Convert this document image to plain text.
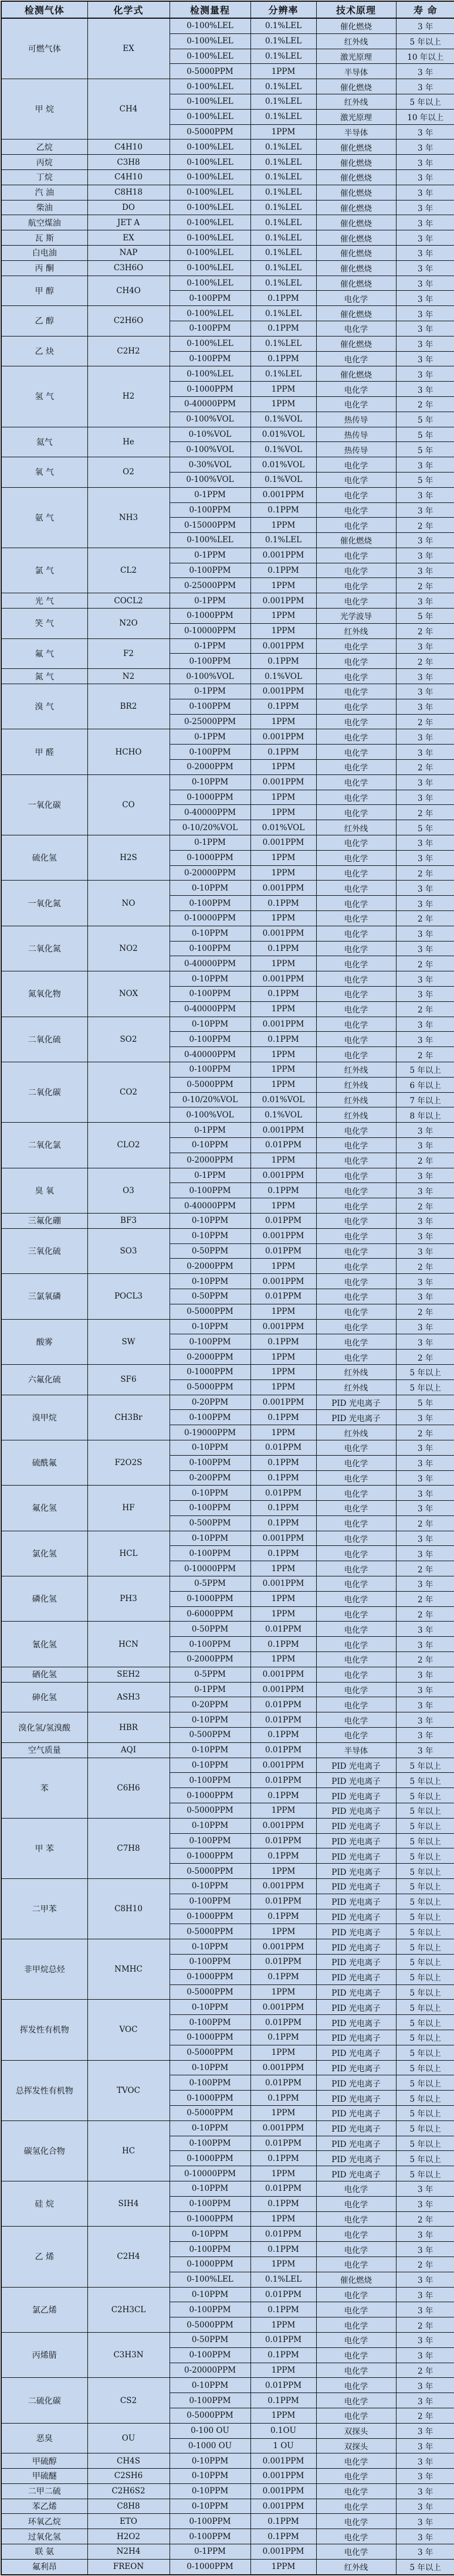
检测气体	化学式	检测量程	分辨率	技术原理	寿 命
可燃气体	EX	0-100%LEL	0.1%LEL	催化燃烧	3 年
		0-100%LEL	0.1%LEL	红外线	5 年以上
		0-100%LEL	0.1%LEL	激光原理	10 年以上
		0-5000PPM	1PPM	半导体	3 年
甲 烷	CH4	0-100%LEL	0.1%LEL	催化燃烧	3 年
		0-100%LEL	0.1%LEL	红外线	5 年以上
		0-100%LEL	0.1%LEL	激光原理	10 年以上
		0-5000PPM	1PPM	半导体	3 年
乙烷	C4H10	0-100%LEL	0.1%LEL	催化燃烧	3 年
丙烷	C3H8	0-100%LEL	0.1%LEL	催化燃烧	3 年
丁烷	C4H10	0-100%LEL	0.1%LEL	催化燃烧	3 年
汽 油	C8H18	0-100%LEL	0.1%LEL	催化燃烧	3 年
柴油	DO	0-100%LEL	0.1%LEL	催化燃烧	3 年
航空煤油	JET A	0-100%LEL	0.1%LEL	催化燃烧	3 年
瓦 斯	EX	0-100%LEL	0.1%LEL	催化燃烧	3 年
白电油	NAP	0-100%LEL	0.1%LEL	催化燃烧	3 年
丙 酮	C3H6O	0-100%LEL	0.1%LEL	催化燃烧	3 年
甲 醇	CH4O	0-100%LEL	0.1%LEL	催化燃烧	3 年
		0-100PPM	0.1PPM	电化学	3 年
乙 醇	C2H6O	0-100%LEL	0.1%LEL	催化燃烧	3 年
		0-100PPM	0.1PPM	电化学	3 年
乙 炔	C2H2	0-100%LEL	0.1%LEL	催化燃烧	3 年
		0-100PPM	0.1PPM	电化学	3 年
氢 气	H2	0-100%LEL	0.1%LEL	催化燃烧	3 年
		0-1000PPM	1PPM	电化学	3 年
		0-40000PPM	1PPM	电化学	2 年
		0-100%VOL	0.1%VOL	热传导	5 年
氦气	He	0-10%VOL	0.01%VOL	热传导	5 年
		0-100%VOL	0.1%VOL	热传导	5 年
氧 气	O2	0-30%VOL	0.01%VOL	电化学	3 年
		0-100%VOL	0.1%VOL	电化学	5 年
氨 气	NH3	0-1PPM	0.001PPM	电化学	3 年
		0-100PPM	0.1PPM	电化学	3 年
		0-15000PPM	1PPM	电化学	2 年
		0-100%LEL	0.1%LEL	催化燃烧	3 年
氯 气	CL2	0-1PPM	0.001PPM	电化学	3 年
		0-100PPM	0.1PPM	电化学	3 年
		0-25000PPM	1PPM	电化学	2 年
光 气	COCL2	0-1PPM	0.001PPM	电化学	3 年
笑 气	N2O	0-1000PPM	1PPM	光学波导	5 年
		0-10000PPM	1PPM	红外线	2 年
氟 气	F2	0-1PPM	0.001PPM	电化学	3 年
		0-100PPM	0.1PPM	电化学	2 年
氮 气	N2	0-100%VOL	0.1%VOL	电化学	3 年
溴 气	BR2	0-1PPM	0.001PPM	电化学	3 年
		0-100PPM	0.1PPM	电化学	3 年
		0-25000PPM	1PPM	电化学	2 年
甲 醛	HCHO	0-1PPM	0.001PPM	电化学	3 年
		0-100PPM	0.1PPM	电化学	3 年
		0-2000PPM	1PPM	电化学	2 年
一氧化碳	CO	0-10PPM	0.001PPM	电化学	3 年
		0-1000PPM	1PPM	电化学	3 年
		0-40000PPM	1PPM	电化学	2 年
		0-10/20%VOL	0.01%VOL	红外线	5 年
硫化氢	H2S	0-1PPM	0.001PPM	电化学	3 年
		0-1000PPM	1PPM	电化学	3 年
		0-20000PPM	1PPM	电化学	2 年
一氧化氮	NO	0-10PPM	0.001PPM	电化学	3 年
		0-100PPM	0.1PPM	电化学	3 年
		0-10000PPM	1PPM	电化学	2 年
二氧化氮	NO2	0-10PPM	0.001PPM	电化学	3 年
		0-100PPM	0.1PPM	电化学	3 年
		0-40000PPM	1PPM	电化学	2 年
氮氧化物	NOX	0-10PPM	0.001PPM	电化学	3 年
		0-100PPM	0.1PPM	电化学	3 年
		0-40000PPM	1PPM	电化学	2 年
二氧化硫	SO2	0-10PPM	0.001PPM	电化学	3 年
		0-100PPM	0.1PPM	电化学	3 年
		0-40000PPM	1PPM	电化学	2 年
二氧化碳	CO2	0-100PPM	1PPM	红外线	5 年以上
		0-5000PPM	1PPM	红外线	6 年以上
		0-10/20%VOL	0.01%VOL	红外线	7 年以上
		0-100%VOL	0.1%VOL	红外线	8 年以上
二氧化氯	CLO2	0-1PPM	0.001PPM	电化学	3 年
		0-10PPM	0.01PPM	电化学	3 年
		0-2000PPM	1PPM	电化学	2 年
臭 氧	O3	0-1PPM	0.001PPM	电化学	3 年
		0-100PPM	0.1PPM	电化学	3 年
		0-40000PPM	1PPM	电化学	2 年
三氟化硼	BF3	0-10PPM	0.01PPM	电化学	3 年
三氧化硫	SO3	0-10PPM	0.001PPM	电化学	3 年
		0-50PPM	0.01PPM	电化学	3 年
		0-2000PPM	1PPM	电化学	2 年
三氯氧磷	POCL3	0-10PPM	0.001PPM	电化学	3 年
		0-50PPM	0.01PPM	电化学	3 年
		0-5000PPM	1PPM	电化学	2 年
酸雾	SW	0-10PPM	0.001PPM	电化学	3 年
		0-100PPM	0.1PPM	电化学	3 年
		0-2000PPM	1PPM	电化学	2 年
六氟化硫	SF6	0-1000PPM	1PPM	红外线	5 年以上
		0-5000PPM	1PPM	红外线	5 年以上
溴甲烷	CH3Br	0-20PPM	0.001PPM	PID 光电离子	5 年
		0-100PPM	0.1PPM	PID 光电离子	3 年
		0-19000PPM	1PPM	红外线	2 年
硫酰氟	F2O2S	0-10PPM	0.01PPM	电化学	3 年
		0-100PPM	0.1PPM	电化学	3 年
		0-200PPM	0.1PPM	电化学	3 年
氟化氢	HF	0-10PPM	0.01PPM	电化学	3 年
		0-100PPM	0.1PPM	电化学	3 年
		0-500PPM	0.1PPM	电化学	2 年
氯化氢	HCL	0-10PPM	0.001PPM	电化学	3 年
		0-100PPM	0.1PPM	电化学	3 年
		0-10000PPM	1PPM	电化学	2 年
磷化氢	PH3	0-5PPM	0.001PPM	电化学	3 年
		0-1000PPM	1PPM	电化学	2 年
		0-6000PPM	1PPM	电化学	2 年
氰化氢	HCN	0-50PPM	0.01PPM	电化学	3 年
		0-100PPM	0.1PPM	电化学	3 年
		0-2000PPM	1PPM	电化学	2 年
硒化氢	SEH2	0-5PPM	0.001PPM	电化学	3 年
砷化氢	ASH3	0-1PPM	0.001PPM	电化学	3 年
		0-20PPM	0.01PPM	电化学	3 年
溴化氢/氢溴酸	HBR	0-10PPM	0.01PPM	电化学	3 年
		0-500PPM	0.1PPM	电化学	3 年
空气质量	AQI	0-10PPM	0.01PPM	半导体	3 年
苯	C6H6	0-10PPM	0.001PPM	PID 光电离子	5 年以上
		0-100PPM	0.01PPM	PID 光电离子	5 年以上
		0-1000PPM	0.1PPM	PID 光电离子	5 年以上
		0-5000PPM	1PPM	PID 光电离子	5 年以上
甲 苯	C7H8	0-10PPM	0.001PPM	PID 光电离子	5 年以上
		0-100PPM	0.01PPM	PID 光电离子	5 年以上
		0-1000PPM	0.1PPM	PID 光电离子	5 年以上
		0-5000PPM	1PPM	PID 光电离子	5 年以上
二甲苯	C8H10	0-10PPM	0.001PPM	PID 光电离子	5 年以上
		0-100PPM	0.01PPM	PID 光电离子	5 年以上
		0-1000PPM	0.1PPM	PID 光电离子	5 年以上
		0-5000PPM	1PPM	PID 光电离子	5 年以上
非甲烷总烃	NMHC	0-10PPM	0.001PPM	PID 光电离子	5 年以上
		0-100PPM	0.01PPM	PID 光电离子	5 年以上
		0-1000PPM	0.1PPM	PID 光电离子	5 年以上
		0-5000PPM	1PPM	PID 光电离子	5 年以上
挥发性有机物	VOC	0-10PPM	0.001PPM	PID 光电离子	5 年以上
		0-100PPM	0.01PPM	PID 光电离子	5 年以上
		0-1000PPM	0.1PPM	PID 光电离子	5 年以上
		0-5000PPM	1PPM	PID 光电离子	5 年以上
总挥发性有机物	TVOC	0-10PPM	0.001PPM	PID 光电离子	5 年以上
		0-100PPM	0.01PPM	PID 光电离子	5 年以上
		0-1000PPM	0.1PPM	PID 光电离子	5 年以上
		0-5000PPM	1PPM	PID 光电离子	5 年以上
碳氢化合物	HC	0-10PPM	0.001PPM	PID 光电离子	5 年以上
		0-100PPM	0.01PPM	PID 光电离子	5 年以上
		0-1000PPM	0.1PPM	PID 光电离子	5 年以上
		0-10000PPM	1PPM	PID 光电离子	5 年以上
硅 烷	SIH4	0-10PPM	0.01PPM	电化学	3 年
		0-100PPM	0.1PPM	电化学	3 年
		0-1000PPM	1PPM	电化学	2 年
乙 烯	C2H4	0-10PPM	0.01PPM	电化学	3 年
		0-100PPM	0.1PPM	电化学	3 年
		0-1000PPM	1PPM	电化学	2 年
		0-100%LEL	0.1%LEL	催化燃烧	3 年
氯乙烯	C2H3CL	0-10PPM	0.01PPM	电化学	3 年
		0-100PPM	0.1PPM	电化学	3 年
		0-5000PPM	1PPM	电化学	2 年
丙烯腈	C3H3N	0-50PPM	0.01PPM	电化学	3 年
		0-100PPM	0.1PPM	电化学	3 年
		0-20000PPM	1PPM	电化学	2 年
二硫化碳	CS2	0-10PPM	0.01PPM	电化学	3 年
		0-100PPM	0.1PPM	电化学	3 年
		0-5000PPM	1PPM	电化学	2 年
恶臭	OU	0-100 OU	0.1OU	双探头	3 年
		0-1000 OU	1 OU	双探头	3 年
甲硫醇	CH4S	0-10PPM	0.001PPM	电化学	3 年
甲硫醚	C2SH6	0-10PPM	0.001PPM	电化学	3 年
二甲二硫	C2H6S2	0-10PPM	0.001PPM	电化学	3 年
苯乙烯	C8H8	0-10PPM	0.001PPM	电化学	3 年
环氧乙烷	ETO	0-100PPM	0.1PPM	电化学	3 年
过氧化氢	H2O2	0-100PPM	0.1PPM	电化学	3 年
联 氨	N2H4	0-1PPM	0.001PPM	电化学	3 年
氟利昂	FREON	0-1000PPM	1PPM	红外线	5 年以上
